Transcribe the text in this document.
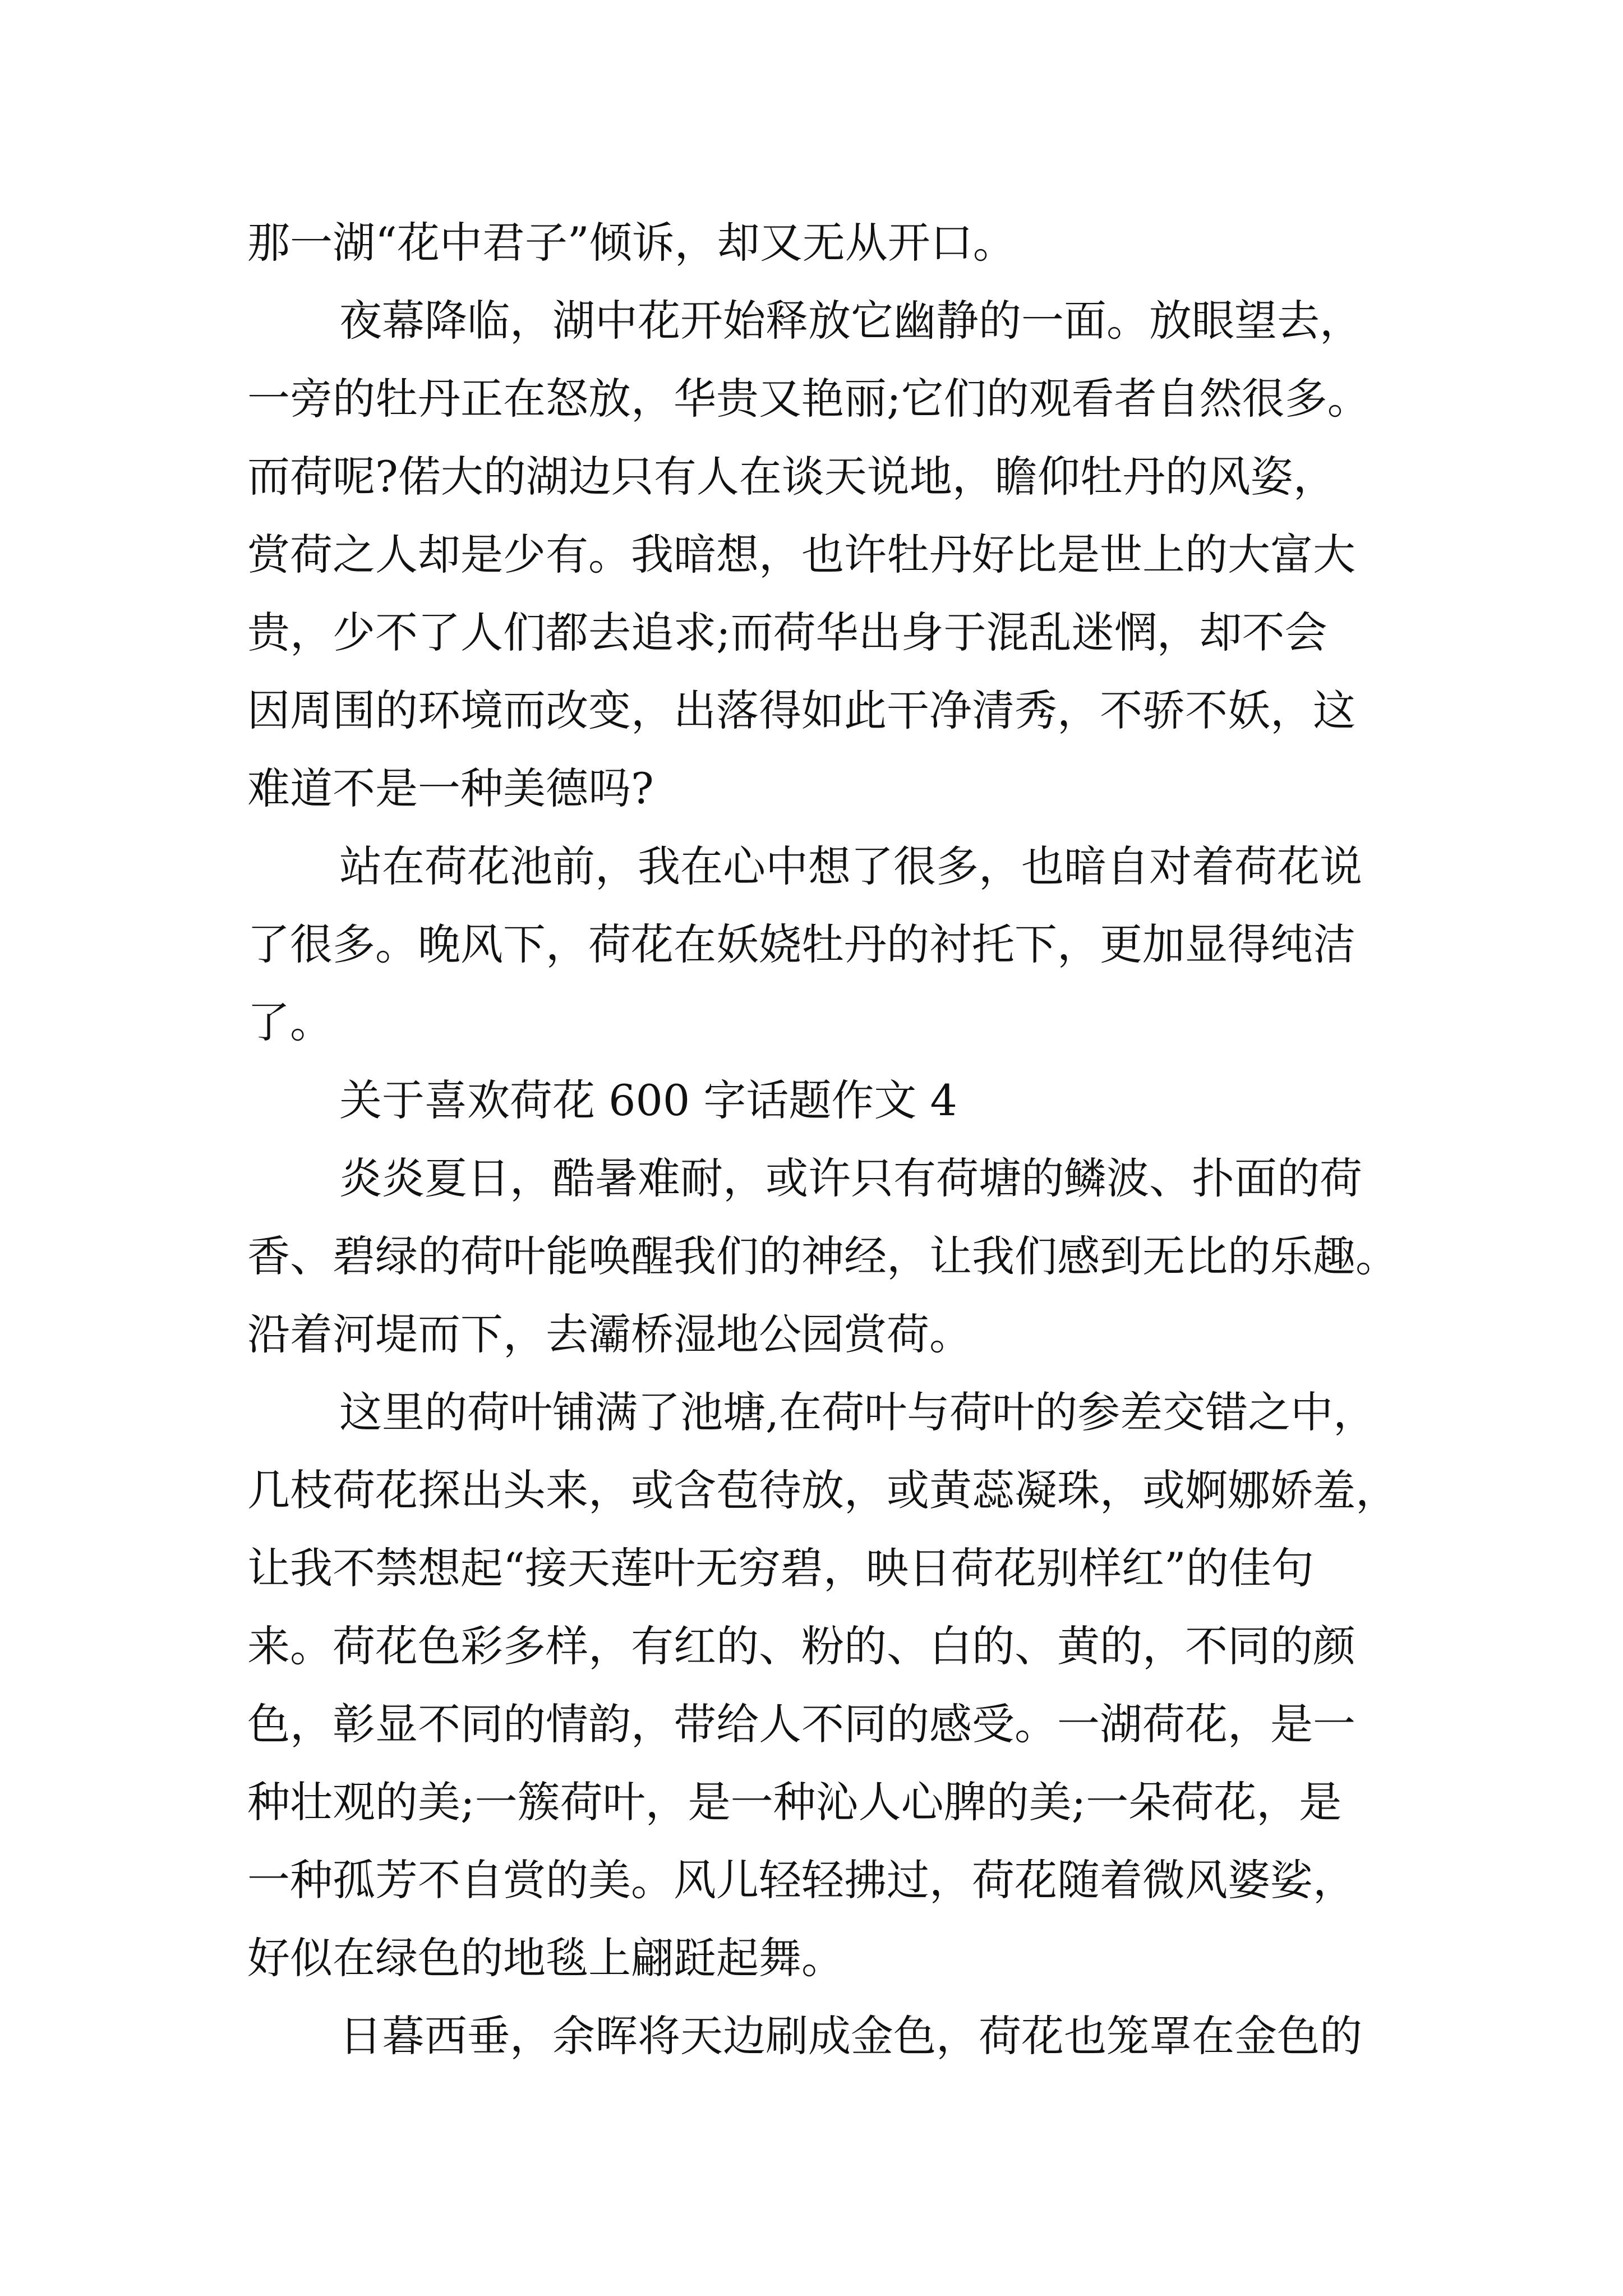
那一湖“花中君子”倾诉，却又无从开口。

夜幕降临，湖中花开始释放它幽静的一面。放眼望去，

一旁的牡丹正在怒放，华贵又艳丽;它们的观看者自然很多。

而荷呢?偌大的湖边只有人在谈天说地，瞻仰牡丹的风姿，

赏荷之人却是少有。我暗想，也许牡丹好比是世上的大富大

贵，少不了人们都去追求;而荷华出身于混乱迷惘，却不会

因周围的环境而改变，出落得如此干净清秀，不骄不妖，这

难道不是一种美德吗?

站在荷花池前，我在心中想了很多，也暗自对着荷花说

了很多。晚风下，荷花在妖娆牡丹的衬托下，更加显得纯洁

了。

关于喜欢荷花 600 字话题作文 4

炎炎夏日，酷暑难耐，或许只有荷塘的鳞波、扑面的荷

香、碧绿的荷叶能唤醒我们的神经，让我们感到无比的乐趣。

沿着河堤而下，去灞桥湿地公园赏荷。

这里的荷叶铺满了池塘,在荷叶与荷叶的参差交错之中，

几枝荷花探出头来，或含苞待放，或黄蕊凝珠，或婀娜娇羞，

让我不禁想起“接天莲叶无穷碧，映日荷花别样红”的佳句

来。荷花色彩多样，有红的、粉的、白的、黄的，不同的颜

色，彰显不同的情韵，带给人不同的感受。一湖荷花，是一

种壮观的美;一簇荷叶，是一种沁人心脾的美;一朵荷花，是

一种孤芳不自赏的美。风儿轻轻拂过，荷花随着微风婆娑，

好似在绿色的地毯上翩跹起舞。

日暮西垂，余晖将天边刷成金色，荷花也笼罩在金色的
